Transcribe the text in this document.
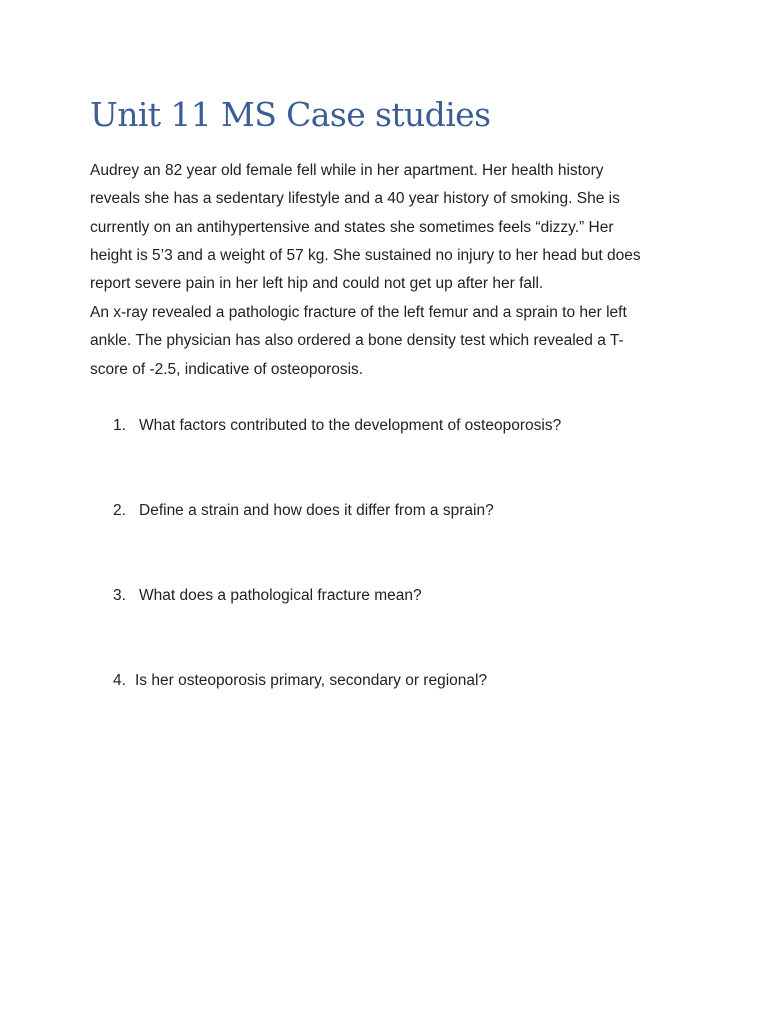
Unit 11 MS Case studies
Audrey an 82 year old female fell while in her apartment. Her health history
reveals she has a sedentary lifestyle and a 40 year history of smoking. She is
currently on an antihypertensive and states she sometimes feels “dizzy.” Her
height is 5’3 and a weight of 57 kg. She sustained no injury to her head but does
report severe pain in her left hip and could not get up after her fall.
An x-ray revealed a pathologic fracture of the left femur and a sprain to her left
ankle. The physician has also ordered a bone density test which revealed a T-
score of -2.5, indicative of osteoporosis.
1. What factors contributed to the development of osteoporosis?
2. Define a strain and how does it differ from a sprain?
3. What does a pathological fracture mean?
4. Is her osteoporosis primary, secondary or regional?
